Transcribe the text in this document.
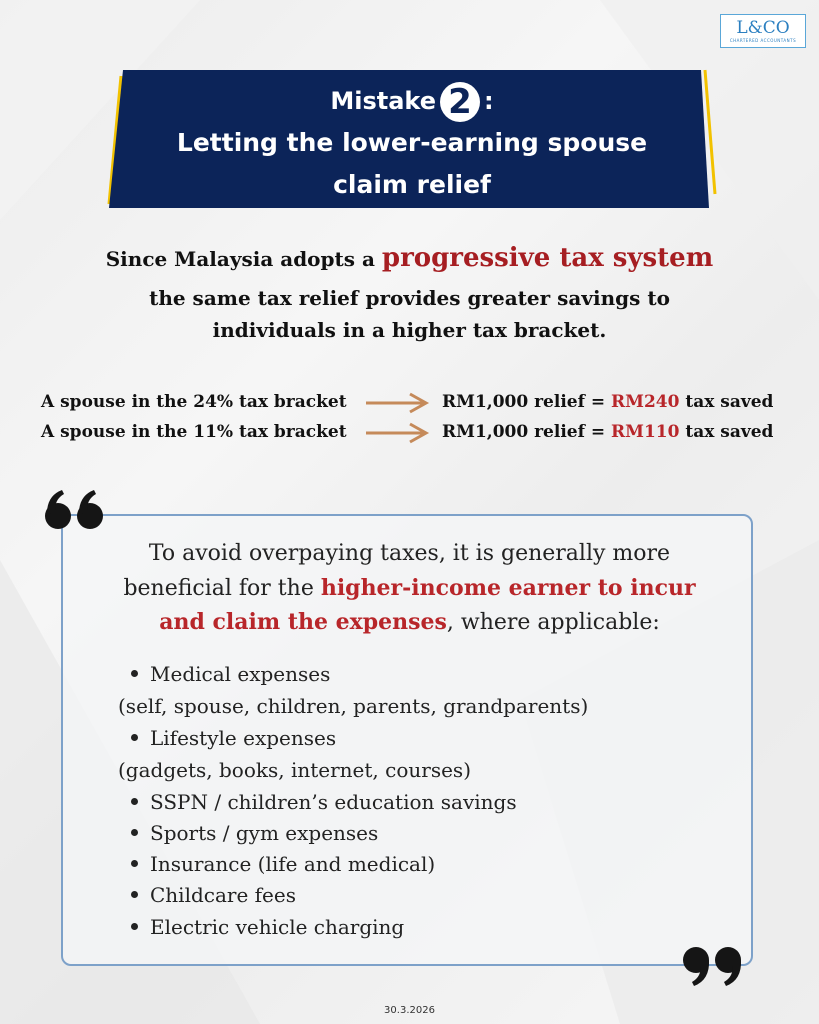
L&CO
CHARTERED ACCOUNTANTS
Mistake 2 :
Letting the lower-earning spouse
claim relief
Since Malaysia adopts a progressive tax system
the same tax relief provides greater savings to
individuals in a higher tax bracket.
A spouse in the 24% tax bracket	RM1,000 relief = RM240 tax saved
A spouse in the 11% tax bracket	RM1,000 relief = RM110 tax saved
To avoid overpaying taxes, it is generally more
beneficial for the higher-income earner to incur
and claim the expenses, where applicable:
Medical expenses
(self, spouse, children, parents, grandparents)
Lifestyle expenses
(gadgets, books, internet, courses)
SSPN / children’s education savings
Sports / gym expenses
Insurance (life and medical)
Childcare fees
Electric vehicle charging
30.3.2026
